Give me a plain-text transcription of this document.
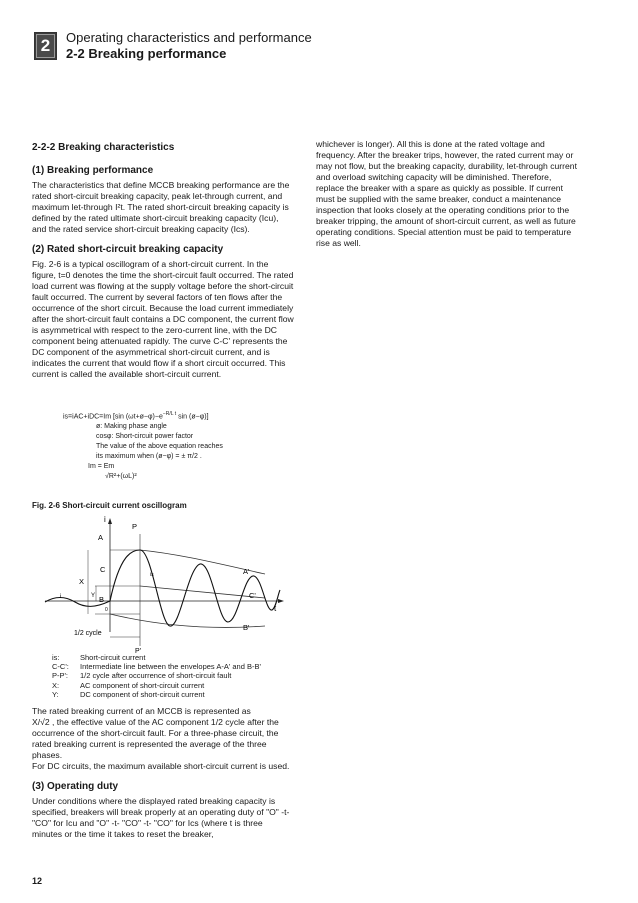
2 Operating characteristics and performance
2-2 Breaking performance
2-2-2 Breaking characteristics
(1) Breaking performance

The characteristics that define MCCB breaking performance are the rated short-circuit breaking capacity, peak let-through current, and maximum let-through I²t. The rated short-circuit breaking capacity is defined by the rated ultimate short-circuit breaking capacity (Icu), and the rated service short-circuit breaking capacity (Ics).

(2) Rated short-circuit breaking capacity

Fig. 2-6 is a typical oscillogram of a short-circuit current. In the figure, t=0 denotes the time the short-circuit fault occurred. The rated load current was flowing at the supply voltage before the short-circuit fault occurred. The current by several factors of ten flows after the occurrence of the short circuit. Because the load current immediately after the short-circuit fault contains a DC component, the current flow is asymmetrical with respect to the zero-current line, with the DC component being attenuated rapidly. The curve C-C' represents the DC component of the asymmetrical short-circuit current, and is indicates the current that would flow if a short circuit occurred. This current is called the available short-circuit current.

is=iAC+iDC=Im [sin $(\omega t+ø-\varphi)-e^{-R/L t}$ sin (ø−φ)]
ø: Making phase angle
cosφ: Short-circuit power factor
The value of the above equation reaches
its maximum when (ø−φ) = ± π/2 .
Im = Em
√R²+(ωL)²
Fig. 2-6 Short-circuit current oscillogram
i
t
A
A'
C
C'
B
B'
P
P'
X
Y
is
i
0
1/2 cycle
is:	Short-circuit current
C-C':	Intermediate line between the envelopes A-A' and B-B'
P-P':	1/2 cycle after occurrence of short-circuit fault
X:	AC component of short-circuit current
Y:	DC component of short-circuit current

The rated breaking current of an MCCB is represented as

X/√2 , the effective value of the AC component 1/2 cycle after the occurrence of the short-circuit fault. For a three-phase circuit, the rated breaking current is represented the average of the three phases.

For DC circuits, the maximum available short-circuit current is used.

(3) Operating duty

Under conditions where the displayed rated breaking capacity is specified, breakers will break properly at an operating duty of "O" -t- "CO" for Icu and "O" -t- "CO" -t- "CO" for Ics (where t is three minutes or the time it takes to reset the breaker,

whichever is longer). All this is done at the rated voltage and frequency. After the breaker trips, however, the rated current may or may not flow, but the breaking capacity, durability, let-through current and overload switching capacity will be diminished. Therefore, replace the breaker with a spare as quickly as possible. If current must be supplied with the same breaker, conduct a maintenance inspection that looks closely at the operating conditions prior to the breaker tripping, the amount of short-circuit current, as well as future operating conditions. Special attention must be paid to temperature rise as well.

12
